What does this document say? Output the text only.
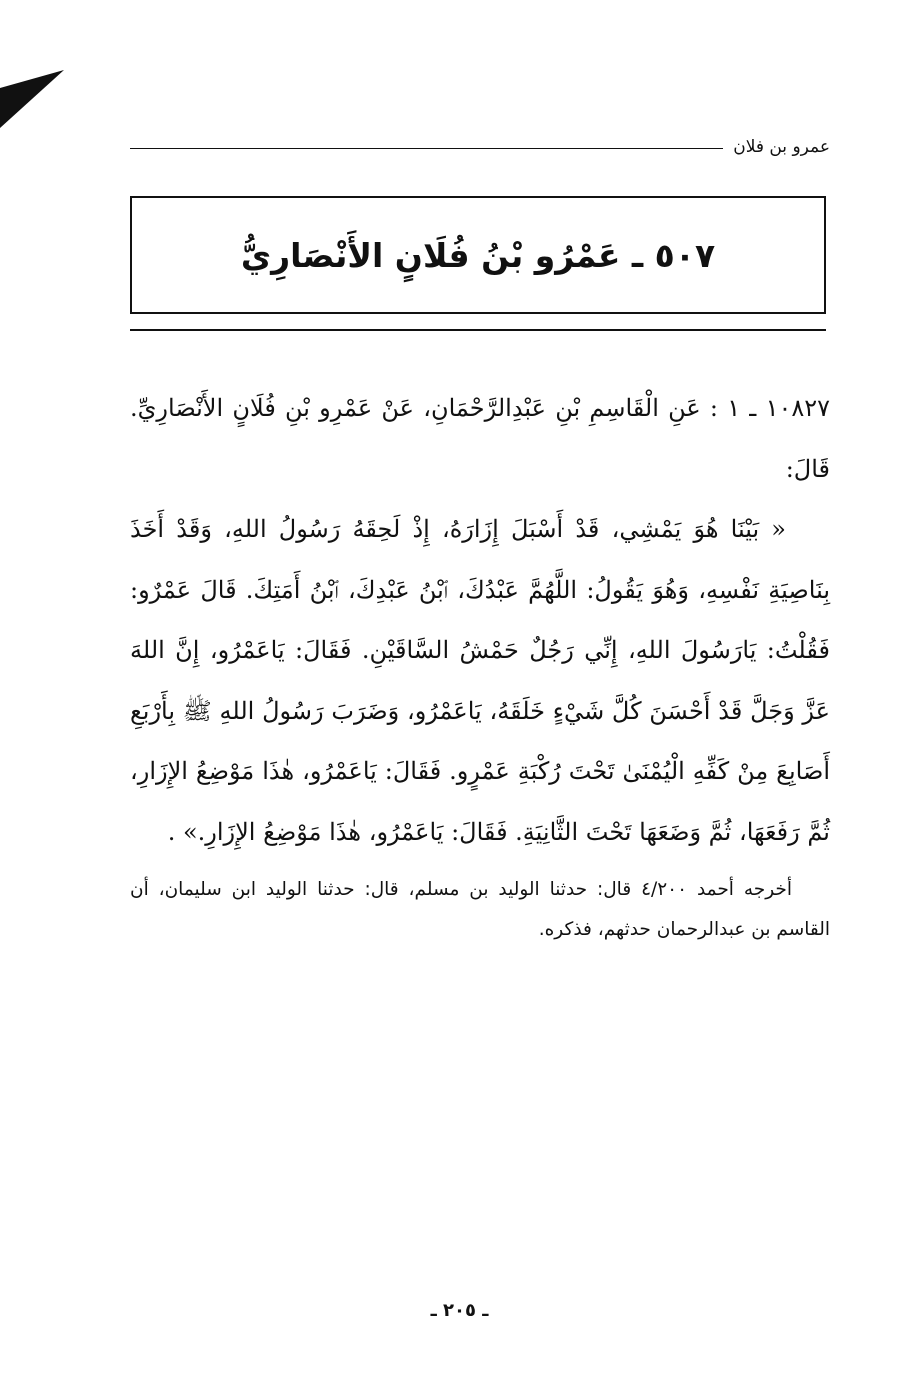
عمرو بن فلان
٥٠٧ ـ عَمْرُو بْنُ فُلَانٍ الأَنْصَارِيُّ

١٠٨٢٧ ـ ١ : عَنِ الْقَاسِمِ بْنِ عَبْدِالرَّحْمَانِ، عَنْ عَمْرِو بْنِ فُلَانٍ الأَنْصَارِيِّ. قَالَ:

« بَيْنَا هُوَ يَمْشِي، قَدْ أَسْبَلَ إِزَارَهُ، إِذْ لَحِقَهُ رَسُولُ اللهِ، وَقَدْ أَخَذَ بِنَاصِيَةِ نَفْسِهِ، وَهُوَ يَقُولُ: اللَّهُمَّ عَبْدُكَ، ٱبْنُ عَبْدِكَ، ٱبْنُ أَمَتِكَ. قَالَ عَمْرٌو: فَقُلْتُ: يَارَسُولَ اللهِ، إِنِّي رَجُلٌ حَمْشُ السَّاقَيْنِ. فَقَالَ: يَاعَمْرُو، إِنَّ اللهَ عَزَّ وَجَلَّ قَدْ أَحْسَنَ كُلَّ شَيْءٍ خَلَقَهُ، يَاعَمْرُو، وَضَرَبَ رَسُولُ اللهِ ﷺ بِأَرْبَعِ أَصَابِعَ مِنْ كَفِّهِ الْيُمْنَىٰ تَحْتَ رُكْبَةِ عَمْرٍو. فَقَالَ: يَاعَمْرُو، هٰذَا مَوْضِعُ الإِزَارِ، ثُمَّ رَفَعَهَا، ثُمَّ وَضَعَهَا تَحْتَ الثَّانِيَةِ. فَقَالَ: يَاعَمْرُو، هٰذَا مَوْضِعُ الإِزَارِ.» .

أخرجه أحمد ٤/٢٠٠ قال: حدثنا الوليد بن مسلم، قال: حدثنا الوليد ابن سليمان، أن القاسم بن عبدالرحمان حدثهم، فذكره.

ـ ٢٠٥ ـ
